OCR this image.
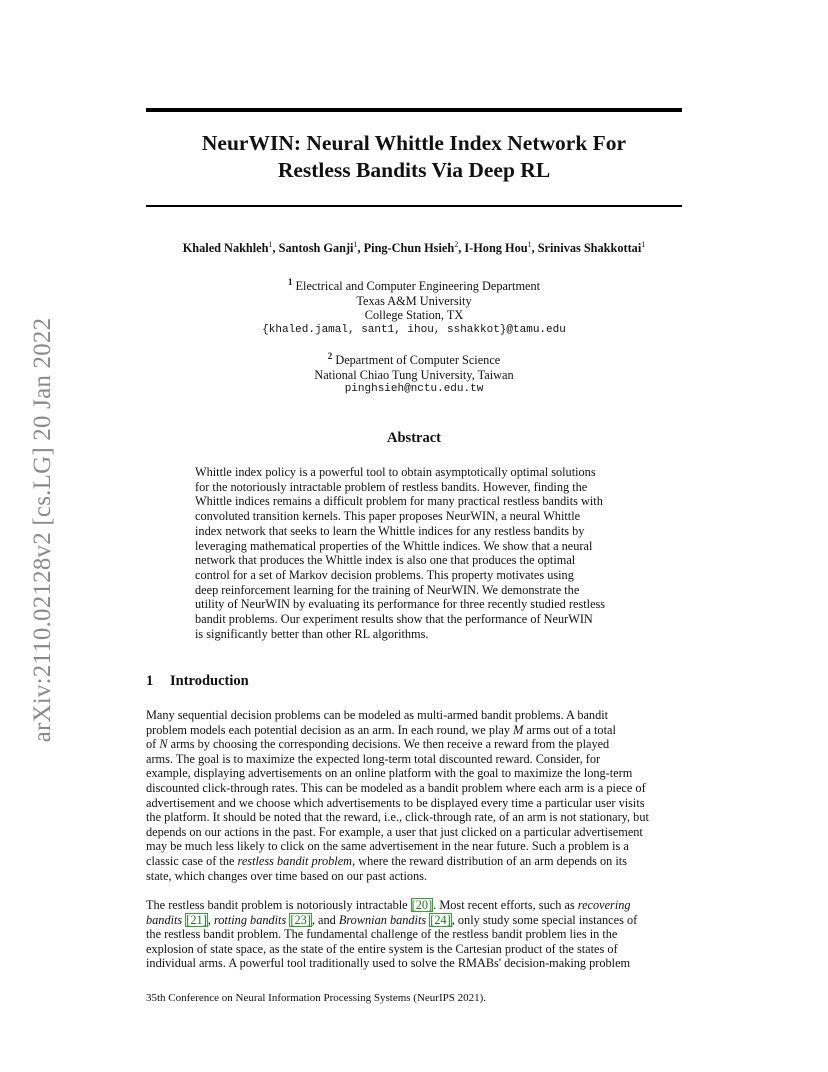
arXiv:2110.02128v2 [cs.LG] 20 Jan 2022
NeurWIN: Neural Whittle Index Network For
Restless Bandits Via Deep RL
Khaled Nakhleh$^1$, Santosh Ganji$^1$, Ping-Chun Hsieh$^2$, I-Hong Hou$^1$, Srinivas Shakkottai$^1$
$^1$ Electrical and Computer Engineering Department
Texas A&M University
College Station, TX
{khaled.jamal, sant1, ihou, sshakkot}@tamu.edu
$^2$ Department of Computer Science
National Chiao Tung University, Taiwan
pinghsieh@nctu.edu.tw
Abstract
Whittle index policy is a powerful tool to obtain asymptotically optimal solutions
for the notoriously intractable problem of restless bandits. However, finding the
Whittle indices remains a difficult problem for many practical restless bandits with
convoluted transition kernels. This paper proposes NeurWIN, a neural Whittle
index network that seeks to learn the Whittle indices for any restless bandits by
leveraging mathematical properties of the Whittle indices. We show that a neural
network that produces the Whittle index is also one that produces the optimal
control for a set of Markov decision problems. This property motivates using
deep reinforcement learning for the training of NeurWIN. We demonstrate the
utility of NeurWIN by evaluating its performance for three recently studied restless
bandit problems. Our experiment results show that the performance of NeurWIN
is significantly better than other RL algorithms.
1 Introduction
Many sequential decision problems can be modeled as multi-armed bandit problems. A bandit
problem models each potential decision as an arm. In each round, we play M arms out of a total
of N arms by choosing the corresponding decisions. We then receive a reward from the played
arms. The goal is to maximize the expected long-term total discounted reward. Consider, for
example, displaying advertisements on an online platform with the goal to maximize the long-term
discounted click-through rates. This can be modeled as a bandit problem where each arm is a piece of
advertisement and we choose which advertisements to be displayed every time a particular user visits
the platform. It should be noted that the reward, i.e., click-through rate, of an arm is not stationary, but
depends on our actions in the past. For example, a user that just clicked on a particular advertisement
may be much less likely to click on the same advertisement in the near future. Such a problem is a
classic case of the restless bandit problem, where the reward distribution of an arm depends on its
state, which changes over time based on our past actions.
The restless bandit problem is notoriously intractable [20]. Most recent efforts, such as recovering
bandits [21], rotting bandits [23], and Brownian bandits [24], only study some special instances of
the restless bandit problem. The fundamental challenge of the restless bandit problem lies in the
explosion of state space, as the state of the entire system is the Cartesian product of the states of
individual arms. A powerful tool traditionally used to solve the RMABs' decision-making problem
35th Conference on Neural Information Processing Systems (NeurIPS 2021).
